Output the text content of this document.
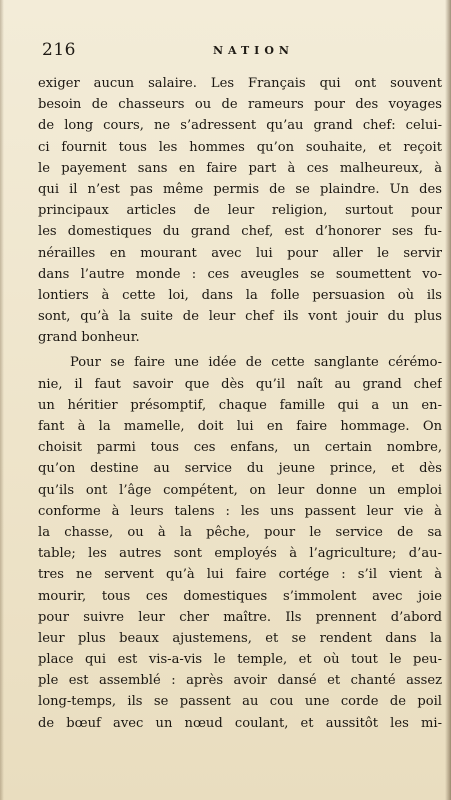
216	NATION
exiger aucun salaire. Les Français qui ont souvent
besoin de chasseurs ou de rameurs pour des voyages
de long cours, ne s’adressent qu’au grand chef: celui-
ci fournit tous les hommes qu’on souhaite, et reçoit
le payement sans en faire part à ces malheureux, à
qui il n’est pas même permis de se plaindre. Un des
principaux articles de leur religion, surtout pour
les domestiques du grand chef, est d’honorer ses fu-
nérailles en mourant avec lui pour aller le servir
dans l’autre monde : ces aveugles se soumettent vo-
lontiers à cette loi, dans la folle persuasion où ils
sont, qu’à la suite de leur chef ils vont jouir du plus
grand bonheur.
Pour se faire une idée de cette sanglante cérémo-
nie, il faut savoir que dès qu’il naît au grand chef
un héritier présomptif, chaque famille qui a un en-
fant à la mamelle, doit lui en faire hommage. On
choisit parmi tous ces enfans, un certain nombre,
qu’on destine au service du jeune prince, et dès
qu’ils ont l’âge compétent, on leur donne un emploi
conforme à leurs talens : les uns passent leur vie à
la chasse, ou à la pêche, pour le service de sa
table; les autres sont employés à l’agriculture; d’au-
tres ne servent qu’à lui faire cortége : s’il vient à
mourir, tous ces domestiques s’immolent avec joie
pour suivre leur cher maître. Ils prennent d’abord
leur plus beaux ajustemens, et se rendent dans la
place qui est vis-a-vis le temple, et où tout le peu-
ple est assemblé : après avoir dansé et chanté assez
long-temps, ils se passent au cou une corde de poil
de bœuf avec un nœud coulant, et aussitôt les mi-
